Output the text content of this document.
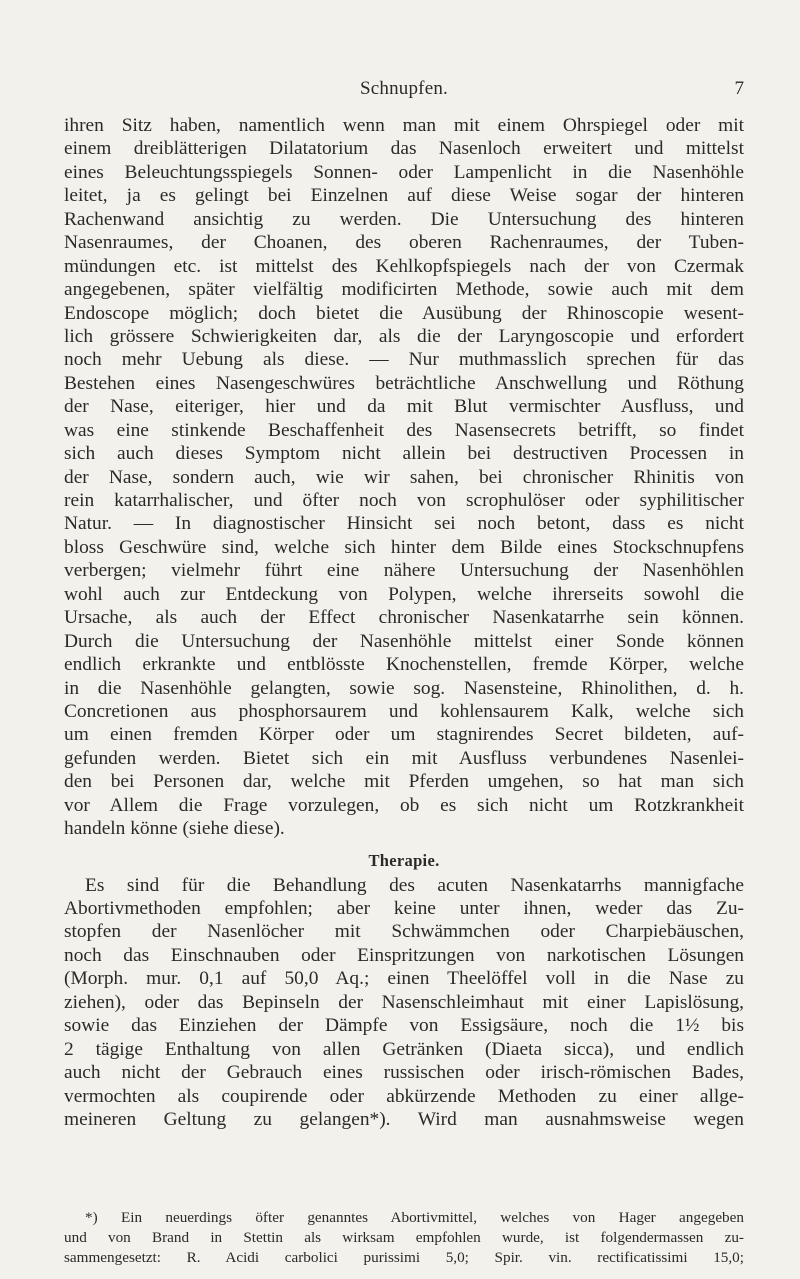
Schnupfen.	7
ihren Sitz haben, namentlich wenn man mit einem Ohrspiegel oder mit
einem dreiblätterigen Dilatatorium das Nasenloch erweitert und mittelst
eines Beleuchtungsspiegels Sonnen- oder Lampenlicht in die Nasenhöhle
leitet, ja es gelingt bei Einzelnen auf diese Weise sogar der hinteren
Rachenwand ansichtig zu werden. Die Untersuchung des hinteren
Nasenraumes, der Choanen, des oberen Rachenraumes, der Tuben-
mündungen etc. ist mittelst des Kehlkopfspiegels nach der von Czermak
angegebenen, später vielfältig modificirten Methode, sowie auch mit dem
Endoscope möglich; doch bietet die Ausübung der Rhinoscopie wesent-
lich grössere Schwierigkeiten dar, als die der Laryngoscopie und erfordert
noch mehr Uebung als diese. — Nur muthmasslich sprechen für das
Bestehen eines Nasengeschwüres beträchtliche Anschwellung und Röthung
der Nase, eiteriger, hier und da mit Blut vermischter Ausfluss, und
was eine stinkende Beschaffenheit des Nasensecrets betrifft, so findet
sich auch dieses Symptom nicht allein bei destructiven Processen in
der Nase, sondern auch, wie wir sahen, bei chronischer Rhinitis von
rein katarrhalischer, und öfter noch von scrophulöser oder syphilitischer
Natur. — In diagnostischer Hinsicht sei noch betont, dass es nicht
bloss Geschwüre sind, welche sich hinter dem Bilde eines Stockschnupfens
verbergen; vielmehr führt eine nähere Untersuchung der Nasenhöhlen
wohl auch zur Entdeckung von Polypen, welche ihrerseits sowohl die
Ursache, als auch der Effect chronischer Nasenkatarrhe sein können.
Durch die Untersuchung der Nasenhöhle mittelst einer Sonde können
endlich erkrankte und entblösste Knochenstellen, fremde Körper, welche
in die Nasenhöhle gelangten, sowie sog. Nasensteine, Rhinolithen, d. h.
Concretionen aus phosphorsaurem und kohlensaurem Kalk, welche sich
um einen fremden Körper oder um stagnirendes Secret bildeten, auf-
gefunden werden. Bietet sich ein mit Ausfluss verbundenes Nasenlei-
den bei Personen dar, welche mit Pferden umgehen, so hat man sich
vor Allem die Frage vorzulegen, ob es sich nicht um Rotzkrankheit
handeln könne (siehe diese).
Therapie.
Es sind für die Behandlung des acuten Nasenkatarrhs mannigfache
Abortivmethoden empfohlen; aber keine unter ihnen, weder das Zu-
stopfen der Nasenlöcher mit Schwämmchen oder Charpiebäuschen,
noch das Einschnauben oder Einspritzungen von narkotischen Lösungen
(Morph. mur. 0,1 auf 50,0 Aq.; einen Theelöffel voll in die Nase zu
ziehen), oder das Bepinseln der Nasenschleimhaut mit einer Lapislösung,
sowie das Einziehen der Dämpfe von Essigsäure, noch die 1½ bis
2 tägige Enthaltung von allen Getränken (Diaeta sicca), und endlich
auch nicht der Gebrauch eines russischen oder irisch-römischen Bades,
vermochten als coupirende oder abkürzende Methoden zu einer allge-
meineren Geltung zu gelangen*). Wird man ausnahmsweise wegen
*) Ein neuerdings öfter genanntes Abortivmittel, welches von Hager angegeben
und von Brand in Stettin als wirksam empfohlen wurde, ist folgendermassen zu-
sammengesetzt: R. Acidi carbolici purissimi 5,0; Spir. vin. rectificatissimi 15,0;
